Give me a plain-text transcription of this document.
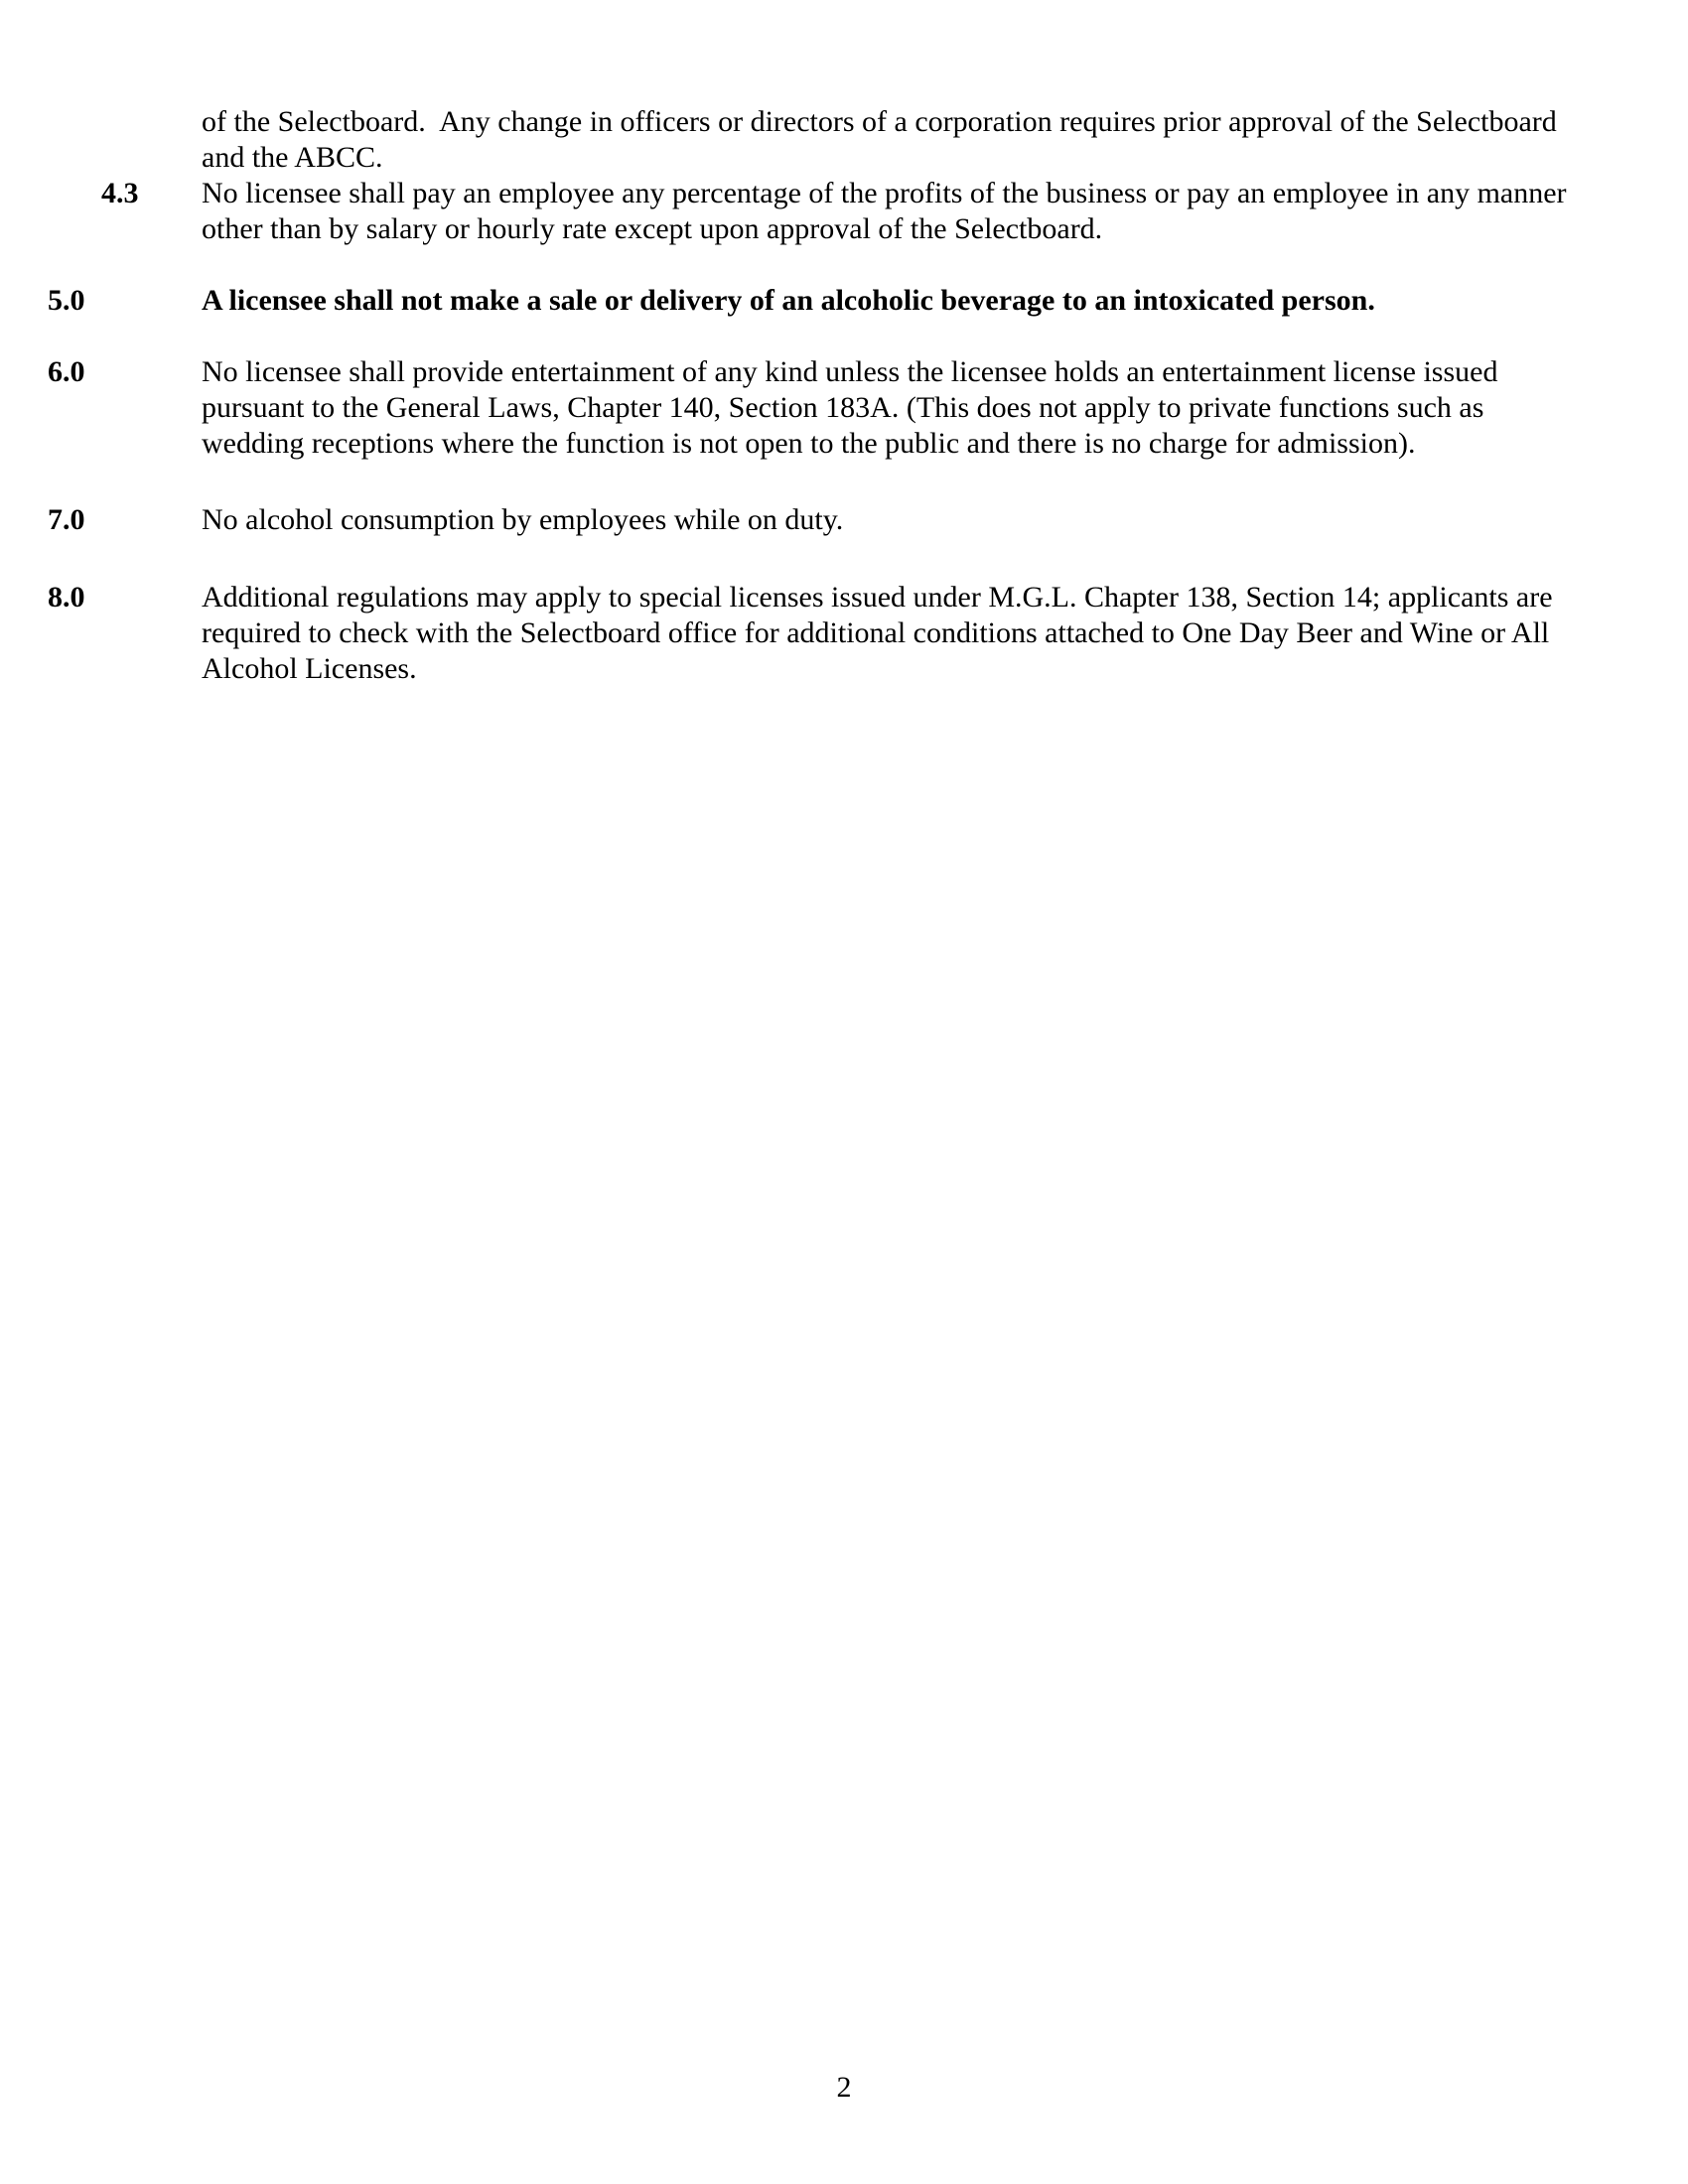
of the Selectboard.  Any change in officers or directors of a corporation requires prior approval of the Selectboard and the ABCC.
4.3 No licensee shall pay an employee any percentage of the profits of the business or pay an employee in any manner other than by salary or hourly rate except upon approval of the Selectboard.
5.0	A licensee shall not make a sale or delivery of an alcoholic beverage to an intoxicated person.
6.0	No licensee shall provide entertainment of any kind unless the licensee holds an entertainment license issued pursuant to the General Laws, Chapter 140, Section 183A. (This does not apply to private functions such as wedding receptions where the function is not open to the public and there is no charge for admission).
7.0	No alcohol consumption by employees while on duty.
8.0	Additional regulations may apply to special licenses issued under M.G.L. Chapter 138, Section 14; applicants are required to check with the Selectboard office for additional conditions attached to One Day Beer and Wine or All Alcohol Licenses.
2
